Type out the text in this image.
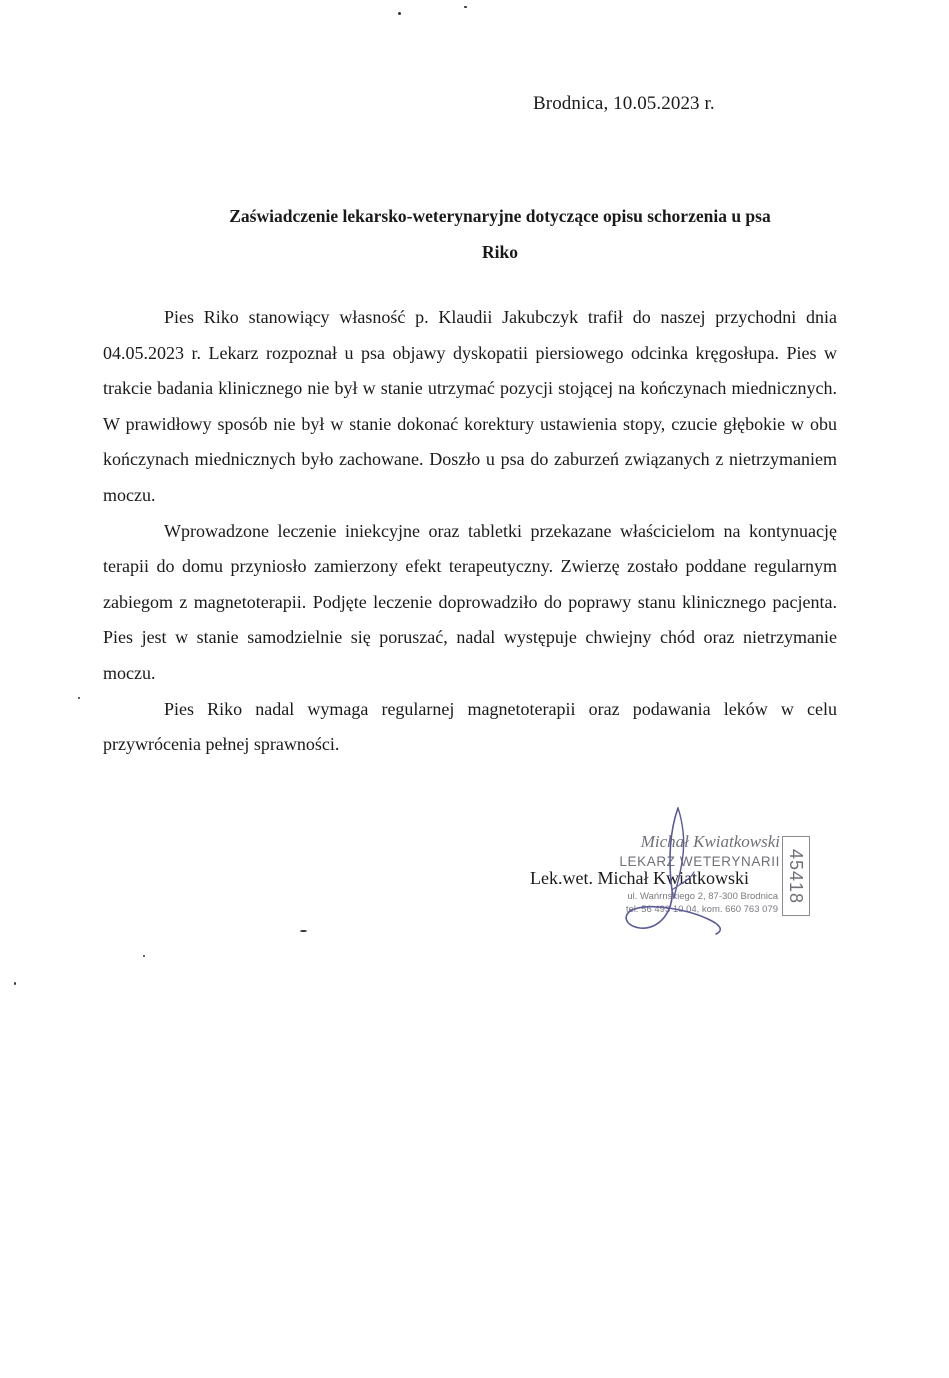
Brodnica, 10.05.2023 r.
Zaświadczenie lekarsko-weterynaryjne dotyczące opisu schorzenia u psa
Riko

Pies Riko stanowiący własność p. Klaudii Jakubczyk trafił do naszej przychodni dnia 04.05.2023 r. Lekarz rozpoznał u psa objawy dyskopatii piersiowego odcinka kręgosłupa. Pies w trakcie badania klinicznego nie był w stanie utrzymać pozycji stojącej na kończynach miednicznych. W prawidłowy sposób nie był w stanie dokonać korektury ustawienia stopy, czucie głębokie w obu kończynach miednicznych było zachowane. Doszło u psa do zaburzeń związanych z nietrzymaniem moczu.

Wprowadzone leczenie iniekcyjne oraz tabletki przekazane właścicielom na kontynuację terapii do domu przyniosło zamierzony efekt terapeutyczny. Zwierzę zostało poddane regularnym zabiegom z magnetoterapii. Podjęte leczenie doprowadziło do poprawy stanu klinicznego pacjenta. Pies jest w stanie samodzielnie się poruszać, nadal występuje chwiejny chód oraz nietrzymanie moczu.

Pies Riko nadal wymaga regularnej magnetoterapii oraz podawania leków w celu przywrócenia pełnej sprawności.

Michał Kwiatkowski
LEKARZ WETERYNARII
ul. Wańrnskiego 2, 87-300 Brodnica
tel. 56 493 10 04, kom. 660 763 079
45418
Lek.wet. Michał Kwiatkowski
